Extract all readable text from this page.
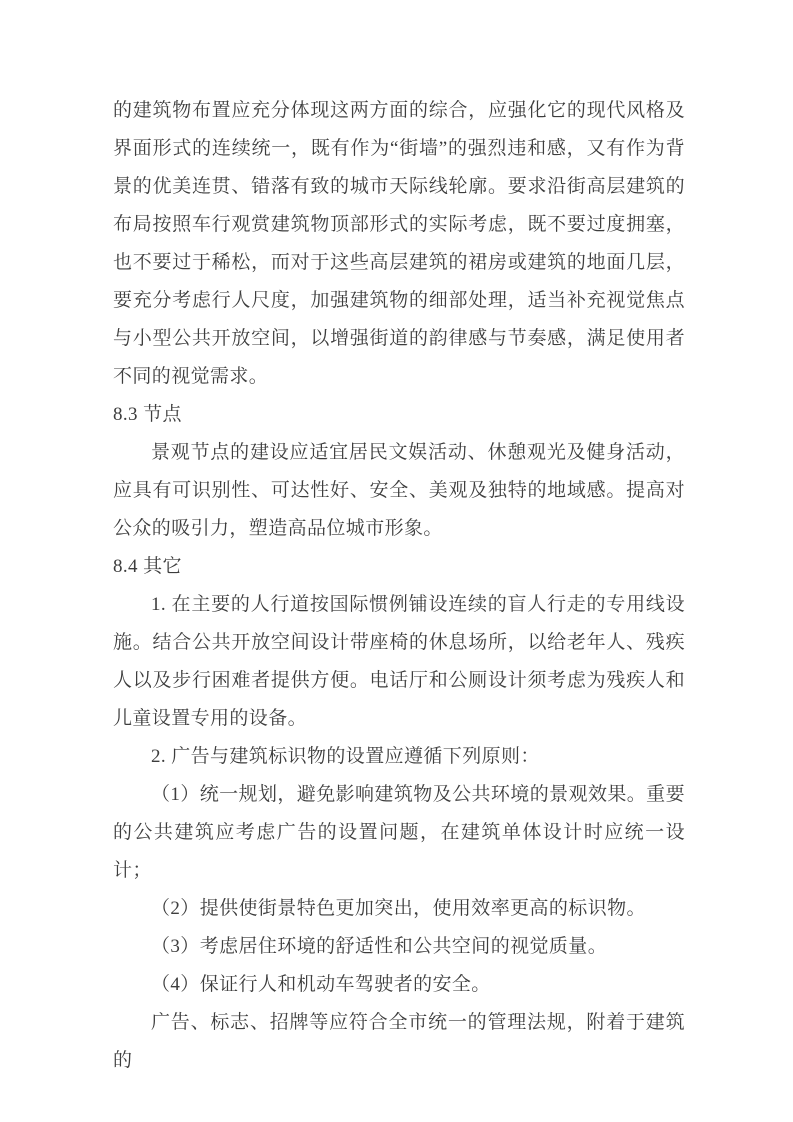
的建筑物布置应充分体现这两方面的综合，应强化它的现代风格及界面形式的连续统一，既有作为“街墙”的强烈违和感，又有作为背景的优美连贯、错落有致的城市天际线轮廓。要求沿街高层建筑的布局按照车行观赏建筑物顶部形式的实际考虑，既不要过度拥塞，也不要过于稀松，而对于这些高层建筑的裙房或建筑的地面几层，要充分考虑行人尺度，加强建筑物的细部处理，适当补充视觉焦点与小型公共开放空间，以增强街道的韵律感与节奏感，满足使用者不同的视觉需求。

8.3 节点

景观节点的建设应适宜居民文娱活动、休憩观光及健身活动，应具有可识别性、可达性好、安全、美观及独特的地域感。提高对公众的吸引力，塑造高品位城市形象。

8.4 其它

1. 在主要的人行道按国际惯例铺设连续的盲人行走的专用线设施。结合公共开放空间设计带座椅的休息场所，以给老年人、残疾人以及步行困难者提供方便。电话厅和公厕设计须考虑为残疾人和儿童设置专用的设备。

2. 广告与建筑标识物的设置应遵循下列原则：

（1）统一规划，避免影响建筑物及公共环境的景观效果。重要的公共建筑应考虑广告的设置问题，在建筑单体设计时应统一设计；

（2）提供使街景特色更加突出，使用效率更高的标识物。

（3）考虑居住环境的舒适性和公共空间的视觉质量。

（4）保证行人和机动车驾驶者的安全。

广告、标志、招牌等应符合全市统一的管理法规，附着于建筑的
